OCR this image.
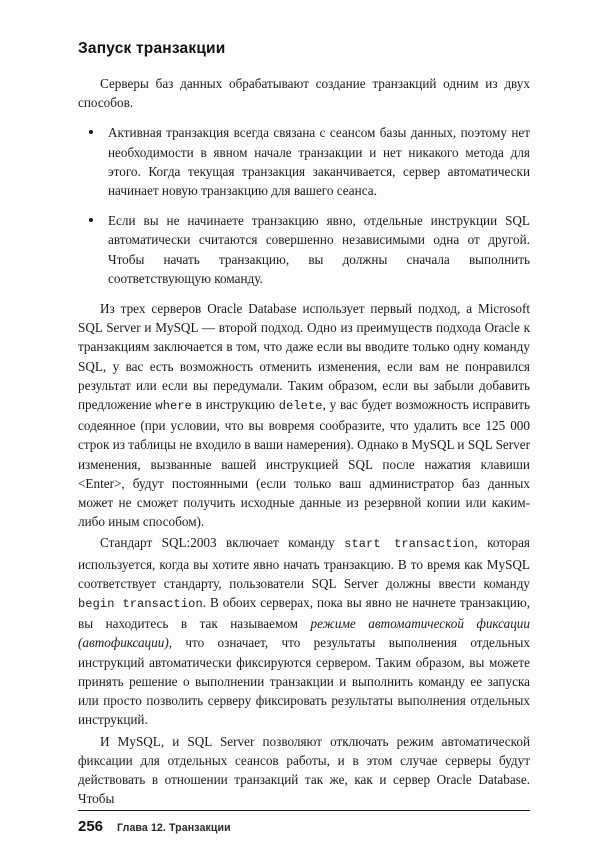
Запуск транзакции

Серверы баз данных обрабатывают создание транзакций одним из двух способов.

Активная транзакция всегда связана с сеансом базы данных, поэтому нет необходимости в явном начале транзакции и нет никакого метода для этого. Когда текущая транзакция заканчивается, сервер автоматически начинает новую транзакцию для вашего сеанса.
Если вы не начинаете транзакцию явно, отдельные инструкции SQL автоматически считаются совершенно независимыми одна от другой. Чтобы начать транзакцию, вы должны сначала выполнить соответствующую команду.

Из трех серверов Oracle Database использует первый подход, а Microsoft SQL Server и MySQL — второй подход. Одно из преимуществ подхода Oracle к транзакциям заключается в том, что даже если вы вводите только одну команду SQL, у вас есть возможность отменить изменения, если вам не понравился результат или если вы передумали. Таким образом, если вы забыли добавить предложение where в инструкцию delete, у вас будет возможность исправить содеянное (при условии, что вы вовремя сообразите, что удалить все 125 000 строк из таблицы не входило в ваши намерения). Однако в MySQL и SQL Server изменения, вызванные вашей инструкцией SQL после нажатия клавиши <Enter>, будут постоянными (если только ваш администратор баз данных может не сможет получить исходные данные из резервной копии или каким-либо иным способом).

Стандарт SQL:2003 включает команду start transaction, которая используется, когда вы хотите явно начать транзакцию. В то время как MySQL соответствует стандарту, пользователи SQL Server должны ввести команду begin transaction. В обоих серверах, пока вы явно не начнете транзакцию, вы находитесь в так называемом режиме автоматической фиксации (автофиксации), что означает, что результаты выполнения отдельных инструкций автоматически фиксируются сервером. Таким образом, вы можете принять решение о выполнении транзакции и выполнить команду ее запуска или просто позволить серверу фиксировать результаты выполнения отдельных инструкций.

И MySQL, и SQL Server позволяют отключать режим автоматической фиксации для отдельных сеансов работы, и в этом случае серверы будут действовать в отношении транзакций так же, как и сервер Oracle Database. Чтобы

256 Глава 12. Транзакции
